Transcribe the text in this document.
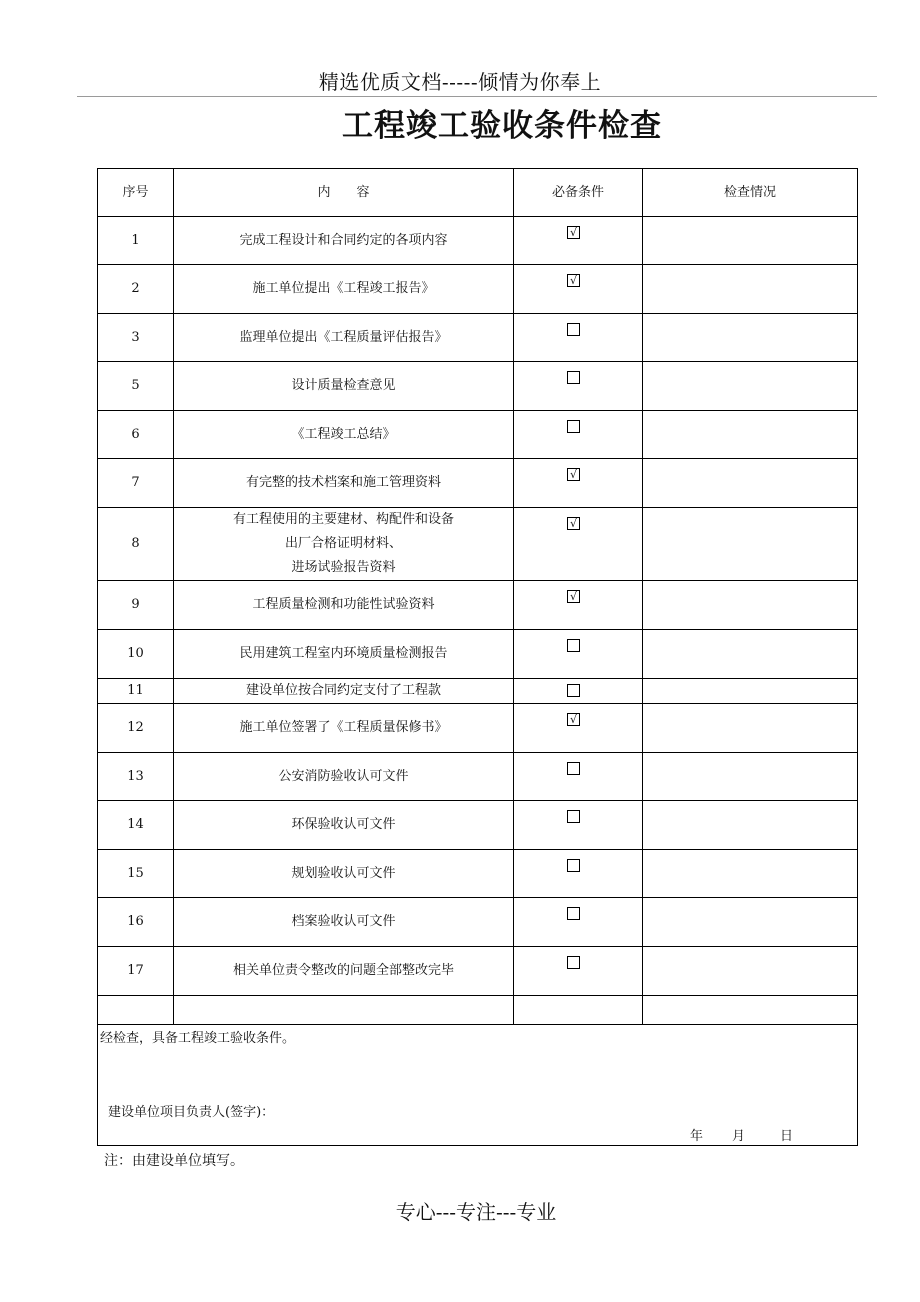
精选优质文档-----倾情为你奉上
工程竣工验收条件检查
序号	内　　容	必备条件	检查情况
1	完成工程设计和合同约定的各项内容	√	

2	施工单位提出《工程竣工报告》	√	

3	监理单位提出《工程质量评估报告》		

5	设计质量检查意见		

6	《工程竣工总结》		

7	有完整的技术档案和施工管理资料	√	

8	有工程使用的主要建材、构配件和设备
出厂合格证明材料、
进场试验报告资料	√	

9	工程质量检测和功能性试验资料	√	

10	民用建筑工程室内环境质量检测报告		

11	建设单位按合同约定支付了工程款		

12	施工单位签署了《工程质量保修书》	√	

13	公安消防验收认可文件		

14	环保验收认可文件		

15	规划验收认可文件		

16	档案验收认可文件		

17	相关单位责令整改的问题全部整改完毕		

经检查，具备工程竣工验收条件。
建设单位项目负责人(签字)：
年 月 日			
注：由建设单位填写。
专心---专注---专业
